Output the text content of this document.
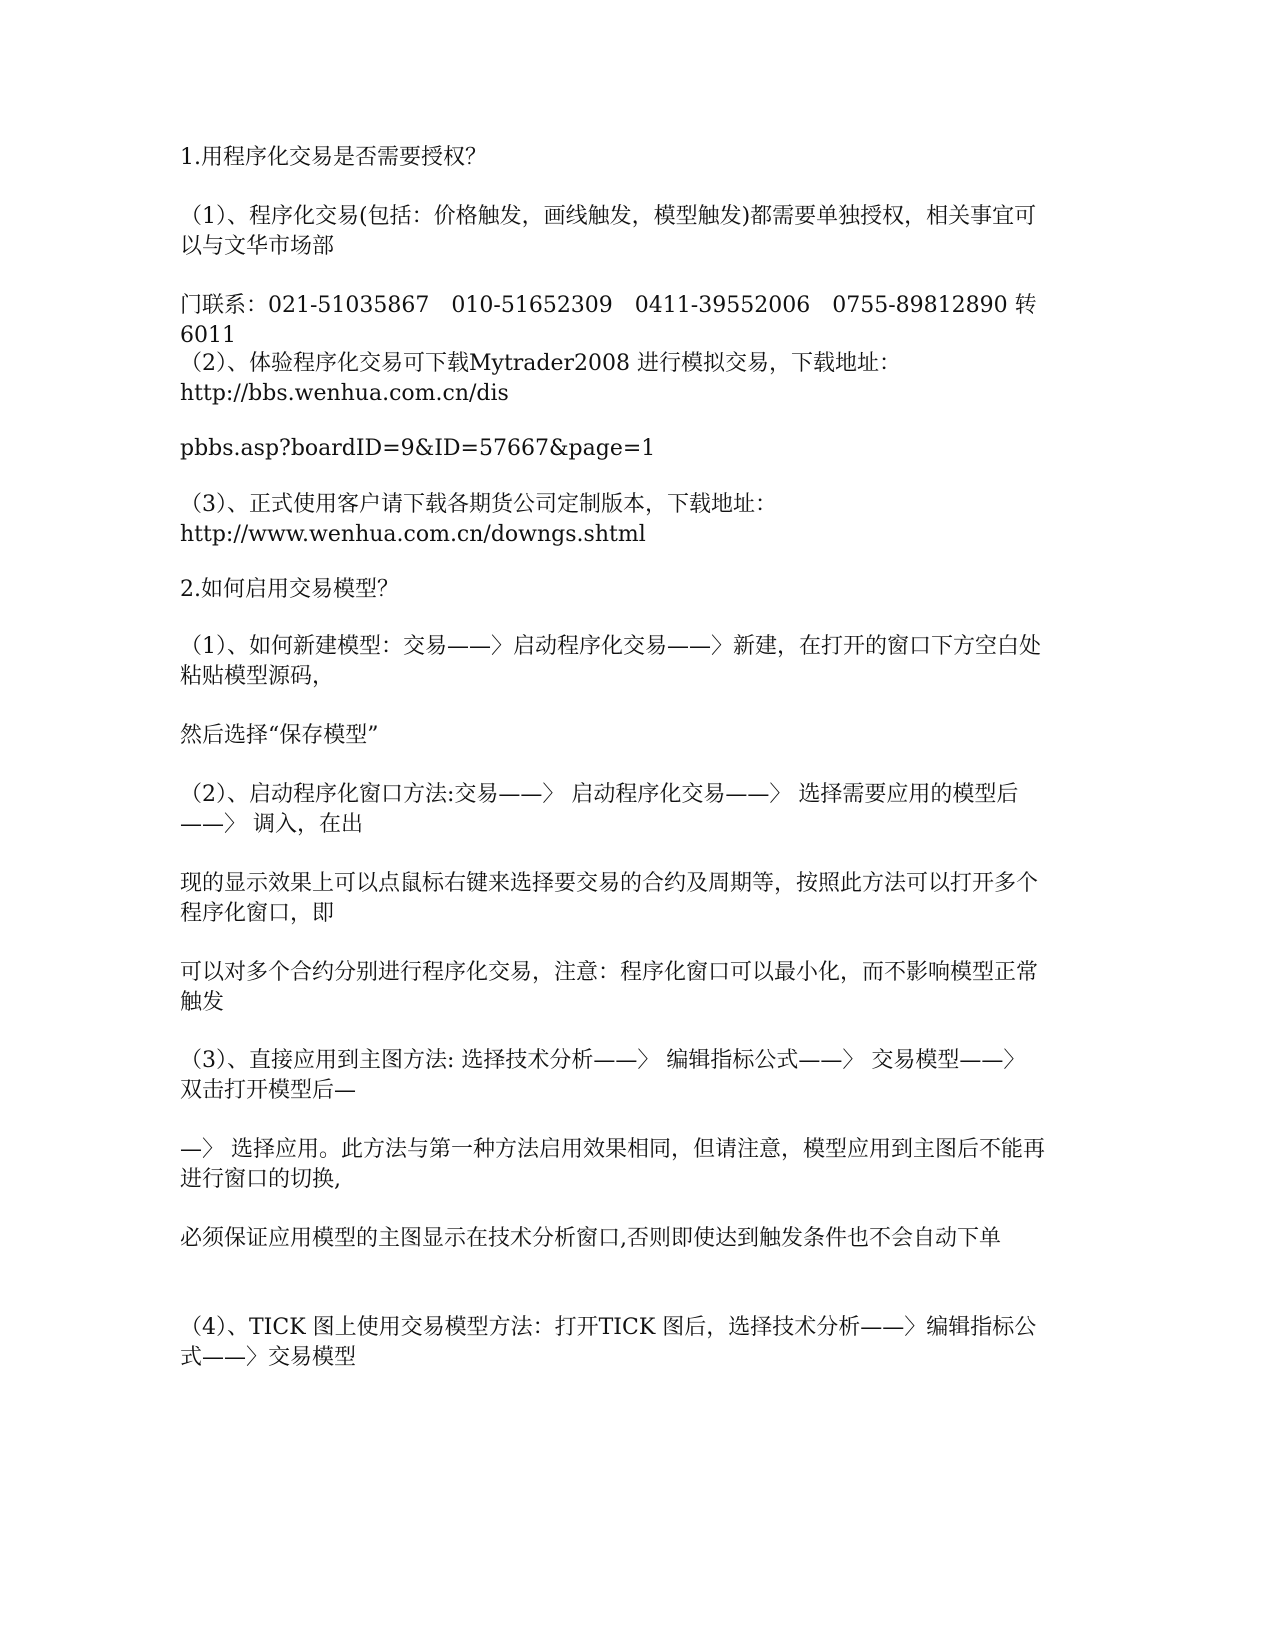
1.用程序化交易是否需要授权？
（1）、程序化交易(包括：价格触发，画线触发，模型触发)都需要单独授权，相关事宜可以与文华市场部
门联系：021-51035867　010-51652309　0411-39552006　0755-89812890 转　6011
（2）、体验程序化交易可下载Mytrader2008 进行模拟交易，下载地址：
http://bbs.wenhua.com.cn/dis
pbbs.asp?boardID=9&ID=57667&page=1
（3）、正式使用客户请下载各期货公司定制版本，下载地址：
http://www.wenhua.com.cn/downgs.shtml
2.如何启用交易模型？
（1）、如何新建模型：交易——〉启动程序化交易——〉新建，在打开的窗口下方空白处粘贴模型源码，
然后选择“保存模型”
（2）、启动程序化窗口方法:交易——〉 启动程序化交易——〉 选择需要应用的模型后——〉 调入，在出
现的显示效果上可以点鼠标右键来选择要交易的合约及周期等，按照此方法可以打开多个程序化窗口，即
可以对多个合约分别进行程序化交易，注意：程序化窗口可以最小化，而不影响模型正常触发
（3）、直接应用到主图方法: 选择技术分析——〉 编辑指标公式——〉 交易模型——〉 双击打开模型后—
—〉 选择应用。此方法与第一种方法启用效果相同，但请注意，模型应用到主图后不能再进行窗口的切换,
必须保证应用模型的主图显示在技术分析窗口,否则即使达到触发条件也不会自动下单
（4）、TICK 图上使用交易模型方法：打开TICK 图后，选择技术分析——〉编辑指标公式——〉交易模型
